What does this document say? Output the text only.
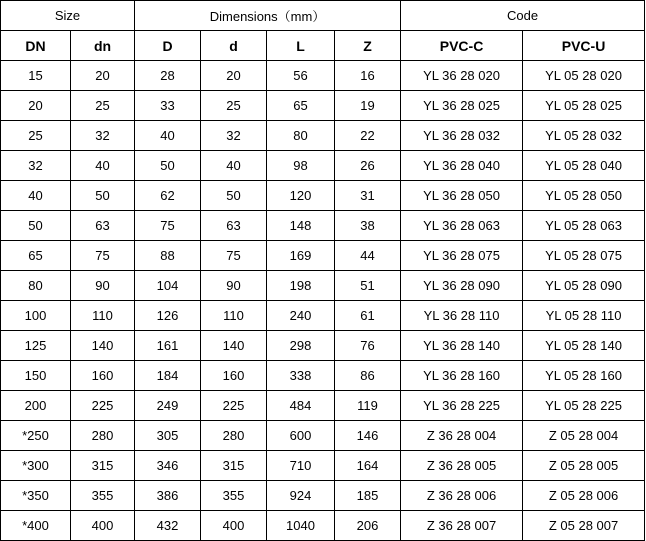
Size		Dimensions（mm）				Code	
DN	dn	D	d	L	Z	PVC-C	PVC-U
15	20	28	20	56	16	YL 36 28 020	YL 05 28 020
20	25	33	25	65	19	YL 36 28 025	YL 05 28 025
25	32	40	32	80	22	YL 36 28 032	YL 05 28 032
32	40	50	40	98	26	YL 36 28 040	YL 05 28 040
40	50	62	50	120	31	YL 36 28 050	YL 05 28 050
50	63	75	63	148	38	YL 36 28 063	YL 05 28 063
65	75	88	75	169	44	YL 36 28 075	YL 05 28 075
80	90	104	90	198	51	YL 36 28 090	YL 05 28 090
100	110	126	110	240	61	YL 36 28 110	YL 05 28 110
125	140	161	140	298	76	YL 36 28 140	YL 05 28 140
150	160	184	160	338	86	YL 36 28 160	YL 05 28 160
200	225	249	225	484	119	YL 36 28 225	YL 05 28 225
*250	280	305	280	600	146	Z 36 28 004	Z 05 28 004
*300	315	346	315	710	164	Z 36 28 005	Z 05 28 005
*350	355	386	355	924	185	Z 36 28 006	Z 05 28 006
*400	400	432	400	1040	206	Z 36 28 007	Z 05 28 007
